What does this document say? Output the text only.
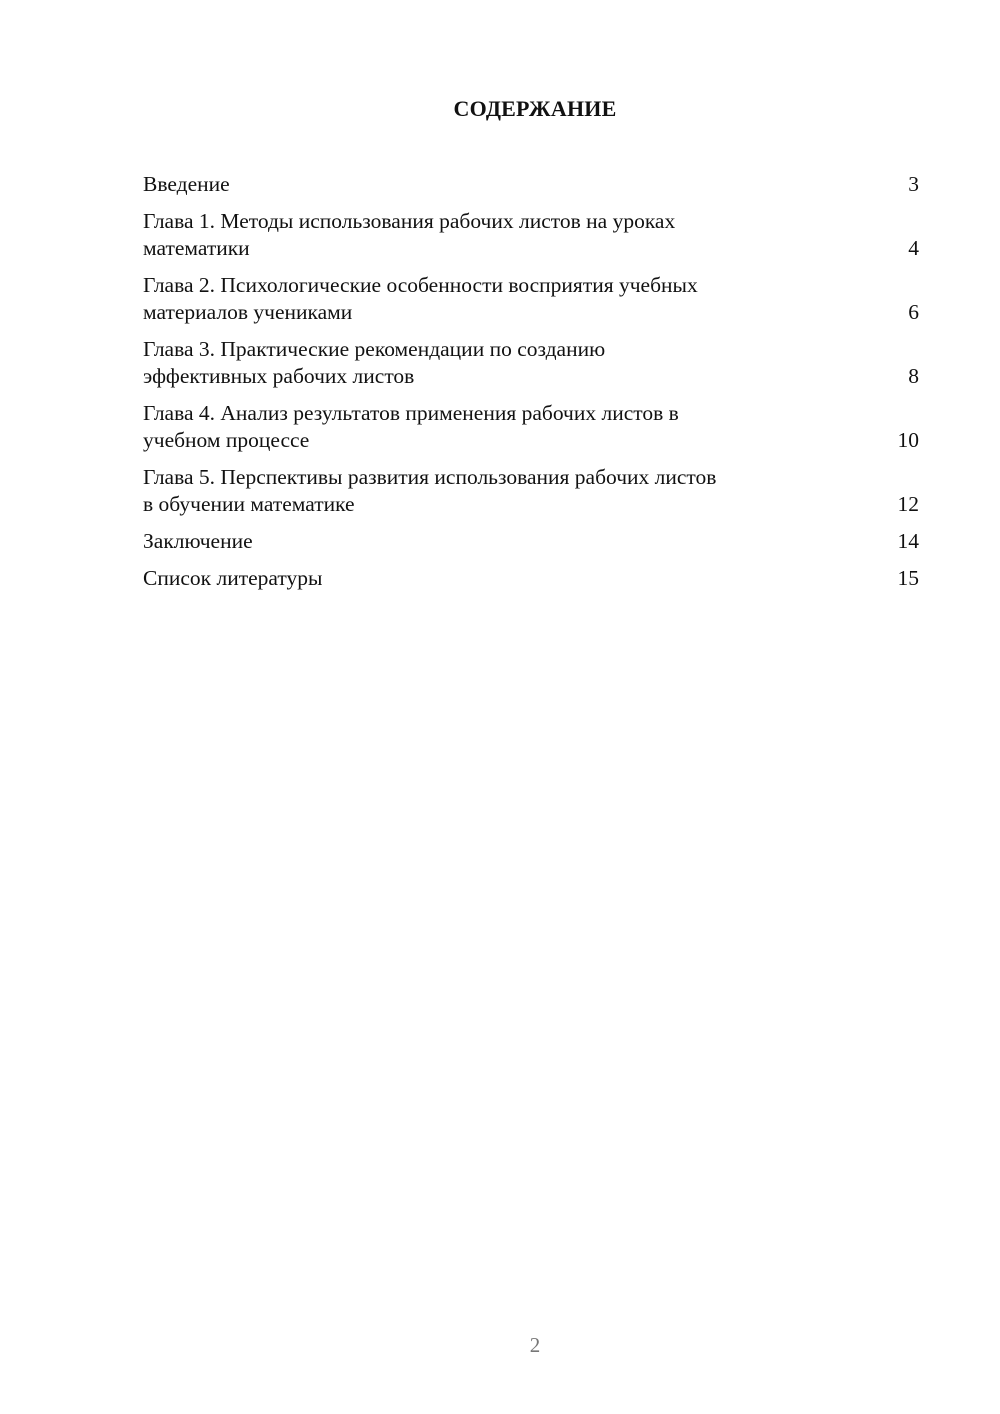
СОДЕРЖАНИЕ
Введение	3
Глава 1. Методы использования рабочих листов на уроках
математики	4
Глава 2. Психологические особенности восприятия учебных
материалов учениками	6
Глава 3. Практические рекомендации по созданию
эффективных рабочих листов	8
Глава 4. Анализ результатов применения рабочих листов в
учебном процессе	10
Глава 5. Перспективы развития использования рабочих листов
в обучении математике	12
Заключение	14
Список литературы	15
2
